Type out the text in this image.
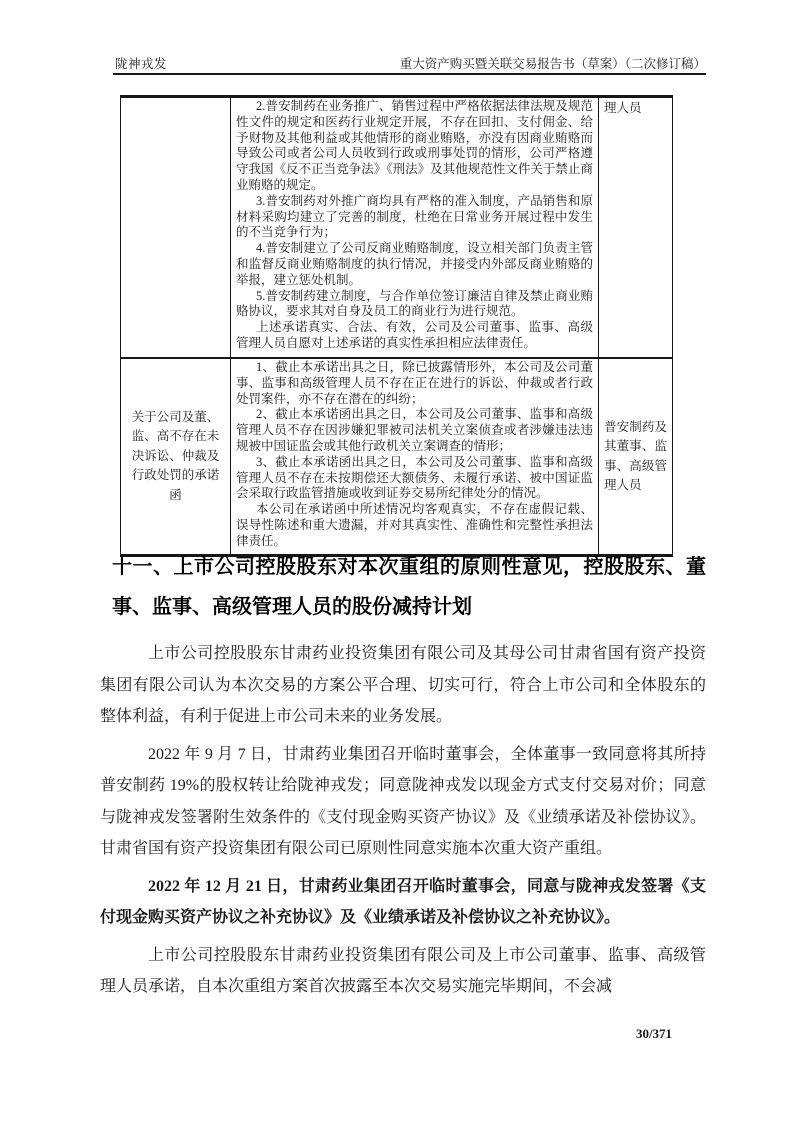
陇神戎发	重大资产购买暨关联交易报告书（草案）（二次修订稿）

	2.普安制药在业务推广、销售过程中严格依据法律法规及规范性文件的规定和医药行业规定开展，不存在回扣、支付佣金、给予财物及其他利益或其他情形的商业贿赂，亦没有因商业贿赂而导致公司或者公司人员收到行政或刑事处罚的情形，公司严格遵守我国《反不正当竞争法》《刑法》及其他规范性文件关于禁止商业贿赂的规定。

3.普安制药对外推广商均具有严格的准入制度，产品销售和原材料采购均建立了完善的制度，杜绝在日常业务开展过程中发生的不当竞争行为；

4.普安制建立了公司反商业贿赂制度，设立相关部门负责主管和监督反商业贿赂制度的执行情况，并接受内外部反商业贿赂的举报，建立惩处机制。

5.普安制药建立制度，与合作单位签订廉洁自律及禁止商业贿赂协议，要求其对自身及员工的商业行为进行规范。

上述承诺真实、合法、有效，公司及公司董事、监事、高级管理人员自愿对上述承诺的真实性承担相应法律责任。	理人员
关于公司及董、监、高不存在未决诉讼、仲裁及行政处罚的承诺函	1、截止本承诺出具之日，除已披露情形外，本公司及公司董事、监事和高级管理人员不存在正在进行的诉讼、仲裁或者行政处罚案件，亦不存在潜在的纠纷；

2、截止本承诺函出具之日，本公司及公司董事、监事和高级管理人员不存在因涉嫌犯罪被司法机关立案侦查或者涉嫌违法违规被中国证监会或其他行政机关立案调查的情形；

3、截止本承诺函出具之日，本公司及公司董事、监事和高级管理人员不存在未按期偿还大额债务、未履行承诺、被中国证监会采取行政监管措施或收到证券交易所纪律处分的情况。

本公司在承诺函中所述情况均客观真实，不存在虚假记载、误导性陈述和重大遗漏，并对其真实性、准确性和完整性承担法律责任。	普安制药及其董事、监事、高级管理人员
十一、上市公司控股股东对本次重组的原则性意见，控股股东、董事、监事、高级管理人员的股份减持计划

上市公司控股股东甘肃药业投资集团有限公司及其母公司甘肃省国有资产投资集团有限公司认为本次交易的方案公平合理、切实可行，符合上市公司和全体股东的整体利益，有利于促进上市公司未来的业务发展。

2022 年 9 月 7 日，甘肃药业集团召开临时董事会，全体董事一致同意将其所持普安制药 19%的股权转让给陇神戎发；同意陇神戎发以现金方式支付交易对价；同意与陇神戎发签署附生效条件的《支付现金购买资产协议》及《业绩承诺及补偿协议》。甘肃省国有资产投资集团有限公司已原则性同意实施本次重大资产重组。

2022 年 12 月 21 日，甘肃药业集团召开临时董事会，同意与陇神戎发签署《支付现金购买资产协议之补充协议》及《业绩承诺及补偿协议之补充协议》。

上市公司控股股东甘肃药业投资集团有限公司及上市公司董事、监事、高级管理人员承诺，自本次重组方案首次披露至本次交易实施完毕期间，不会减

30/371
